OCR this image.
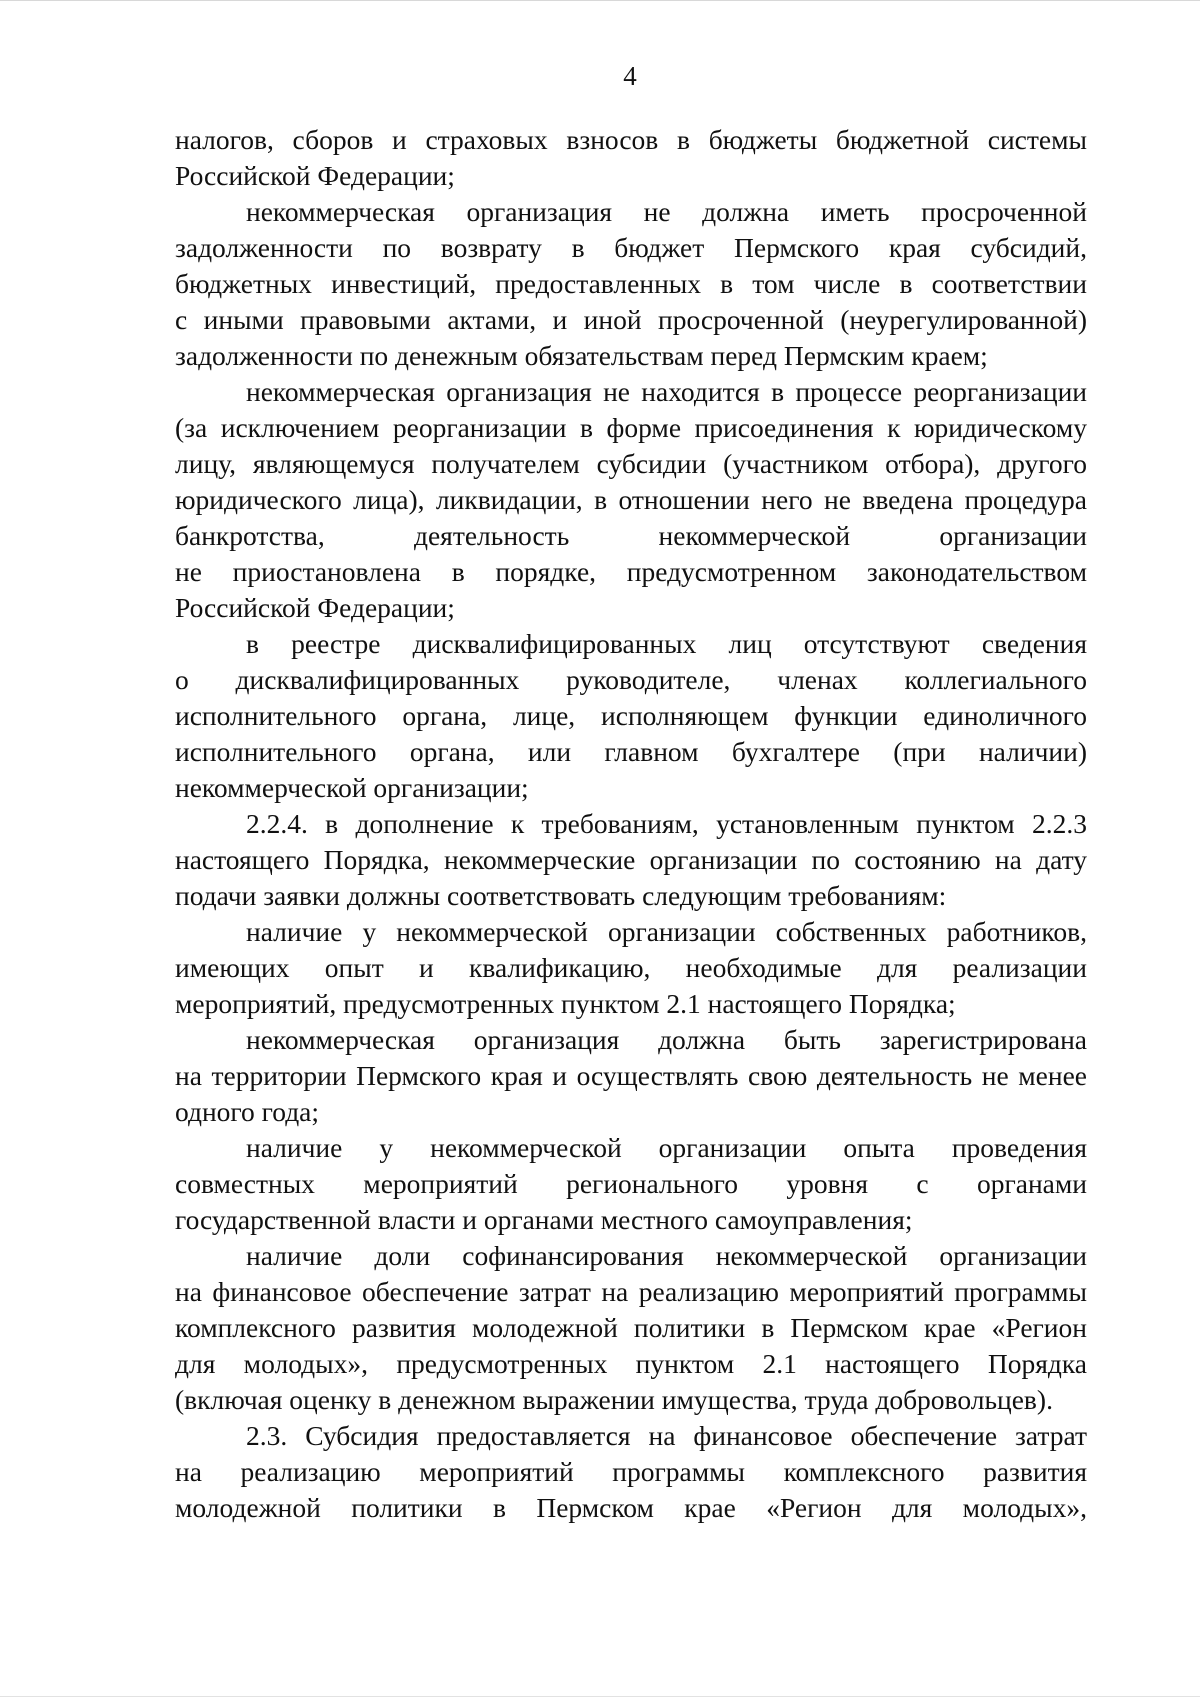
4
налогов, сборов и страховых взносов в бюджеты бюджетной системы
Российской Федерации;
некоммерческая организация не должна иметь просроченной
задолженности по возврату в бюджет Пермского края субсидий,
бюджетных инвестиций, предоставленных в том числе в соответствии
с иными правовыми актами, и иной просроченной (неурегулированной)
задолженности по денежным обязательствам перед Пермским краем;
некоммерческая организация не находится в процессе реорганизации
(за исключением реорганизации в форме присоединения к юридическому
лицу, являющемуся получателем субсидии (участником отбора), другого
юридического лица), ликвидации, в отношении него не введена процедура
банкротства, деятельность некоммерческой организации
не приостановлена в порядке, предусмотренном законодательством
Российской Федерации;
в реестре дисквалифицированных лиц отсутствуют сведения
о дисквалифицированных руководителе, членах коллегиального
исполнительного органа, лице, исполняющем функции единоличного
исполнительного органа, или главном бухгалтере (при наличии)
некоммерческой организации;
2.2.4. в дополнение к требованиям, установленным пунктом 2.2.3
настоящего Порядка, некоммерческие организации по состоянию на дату
подачи заявки должны соответствовать следующим требованиям:
наличие у некоммерческой организации собственных работников,
имеющих опыт и квалификацию, необходимые для реализации
мероприятий, предусмотренных пунктом 2.1 настоящего Порядка;
некоммерческая организация должна быть зарегистрирована
на территории Пермского края и осуществлять свою деятельность не менее
одного года;
наличие у некоммерческой организации опыта проведения
совместных мероприятий регионального уровня с органами
государственной власти и органами местного самоуправления;
наличие доли софинансирования некоммерческой организации
на финансовое обеспечение затрат на реализацию мероприятий программы
комплексного развития молодежной политики в Пермском крае «Регион
для молодых», предусмотренных пунктом 2.1 настоящего Порядка
(включая оценку в денежном выражении имущества, труда добровольцев).
2.3. Субсидия предоставляется на финансовое обеспечение затрат
на реализацию мероприятий программы комплексного развития
молодежной политики в Пермском крае «Регион для молодых»,
